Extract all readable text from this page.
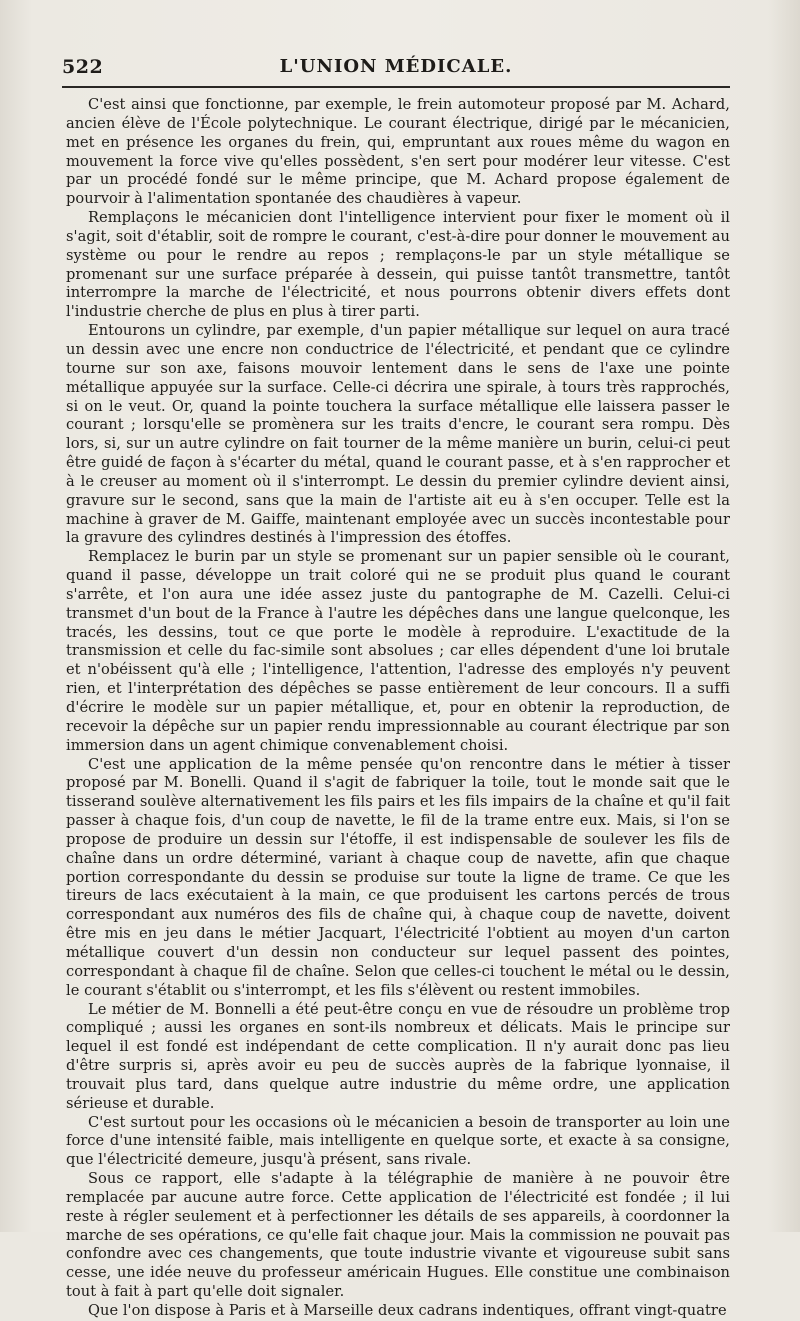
522	L'UNION MÉDICALE.

C'est ainsi que fonctionne, par exemple, le frein automoteur proposé par M. Achard, ancien élève de l'École polytechnique. Le courant électrique, dirigé par le mécanicien, met en présence les organes du frein, qui, empruntant aux roues même du wagon en mouvement la force vive qu'elles possèdent, s'en sert pour modérer leur vitesse. C'est par un procédé fondé sur le même principe, que M. Achard propose également de pourvoir à l'alimentation spontanée des chaudières à vapeur.

Remplaçons le mécanicien dont l'intelligence intervient pour fixer le moment où il s'agit, soit d'établir, soit de rompre le courant, c'est-à-dire pour donner le mouvement au système ou pour le rendre au repos ; remplaçons-le par un style métallique se promenant sur une surface préparée à dessein, qui puisse tantôt transmettre, tantôt interrompre la marche de l'électricité, et nous pourrons obtenir divers effets dont l'industrie cherche de plus en plus à tirer parti.

Entourons un cylindre, par exemple, d'un papier métallique sur lequel on aura tracé un dessin avec une encre non conductrice de l'électricité, et pendant que ce cylindre tourne sur son axe, faisons mouvoir lentement dans le sens de l'axe une pointe métallique appuyée sur la surface. Celle-ci décrira une spirale, à tours très rapprochés, si on le veut. Or, quand la pointe touchera la surface métallique elle laissera passer le courant ; lorsqu'elle se promènera sur les traits d'encre, le courant sera rompu. Dès lors, si, sur un autre cylindre on fait tourner de la même manière un burin, celui-ci peut être guidé de façon à s'écarter du métal, quand le courant passe, et à s'en rapprocher et à le creuser au moment où il s'interrompt. Le dessin du premier cylindre devient ainsi, gravure sur le second, sans que la main de l'artiste ait eu à s'en occuper. Telle est la machine à graver de M. Gaiffe, maintenant employée avec un succès incontestable pour la gravure des cylindres destinés à l'impression des étoffes.

Remplacez le burin par un style se promenant sur un papier sensible où le courant, quand il passe, développe un trait coloré qui ne se produit plus quand le courant s'arrête, et l'on aura une idée assez juste du pantographe de M. Cazelli. Celui-ci transmet d'un bout de la France à l'autre les dépêches dans une langue quelconque, les tracés, les dessins, tout ce que porte le modèle à reproduire. L'exactitude de la transmission et celle du fac-simile sont absolues ; car elles dépendent d'une loi brutale et n'obéissent qu'à elle ; l'intelligence, l'attention, l'adresse des employés n'y peuvent rien, et l'interprétation des dépêches se passe entièrement de leur concours. Il a suffi d'écrire le modèle sur un papier métallique, et, pour en obtenir la reproduction, de recevoir la dépêche sur un papier rendu impressionnable au courant électrique par son immersion dans un agent chimique convenablement choisi.

C'est une application de la même pensée qu'on rencontre dans le métier à tisser proposé par M. Bonelli. Quand il s'agit de fabriquer la toile, tout le monde sait que le tisserand soulève alternativement les fils pairs et les fils impairs de la chaîne et qu'il fait passer à chaque fois, d'un coup de navette, le fil de la trame entre eux. Mais, si l'on se propose de produire un dessin sur l'étoffe, il est indispensable de soulever les fils de chaîne dans un ordre déterminé, variant à chaque coup de navette, afin que chaque portion correspondante du dessin se produise sur toute la ligne de trame. Ce que les tireurs de lacs exécutaient à la main, ce que produisent les cartons percés de trous correspondant aux numéros des fils de chaîne qui, à chaque coup de navette, doivent être mis en jeu dans le métier Jacquart, l'électricité l'obtient au moyen d'un carton métallique couvert d'un dessin non conducteur sur lequel passent des pointes, correspondant à chaque fil de chaîne. Selon que celles-ci touchent le métal ou le dessin, le courant s'établit ou s'interrompt, et les fils s'élèvent ou restent immobiles.

Le métier de M. Bonnelli a été peut-être conçu en vue de résoudre un problème trop compliqué ; aussi les organes en sont-ils nombreux et délicats. Mais le principe sur lequel il est fondé est indépendant de cette complication. Il n'y aurait donc pas lieu d'être surpris si, après avoir eu peu de succès auprès de la fabrique lyonnaise, il trouvait plus tard, dans quelque autre industrie du même ordre, une application sérieuse et durable.

C'est surtout pour les occasions où le mécanicien a besoin de transporter au loin une force d'une intensité faible, mais intelligente en quelque sorte, et exacte à sa consigne, que l'électricité demeure, jusqu'à présent, sans rivale.

Sous ce rapport, elle s'adapte à la télégraphie de manière à ne pouvoir être remplacée par aucune autre force. Cette application de l'électricité est fondée ; il lui reste à régler seulement et à perfectionner les détails de ses appareils, à coordonner la marche de ses opérations, ce qu'elle fait chaque jour. Mais la commission ne pouvait pas confondre avec ces changements, que toute industrie vivante et vigoureuse subit sans cesse, une idée neuve du professeur américain Hugues. Elle constitue une combinaison tout à fait à part qu'elle doit signaler.

Que l'on dispose à Paris et à Marseille deux cadrans indentiques, offrant vingt-quatre
